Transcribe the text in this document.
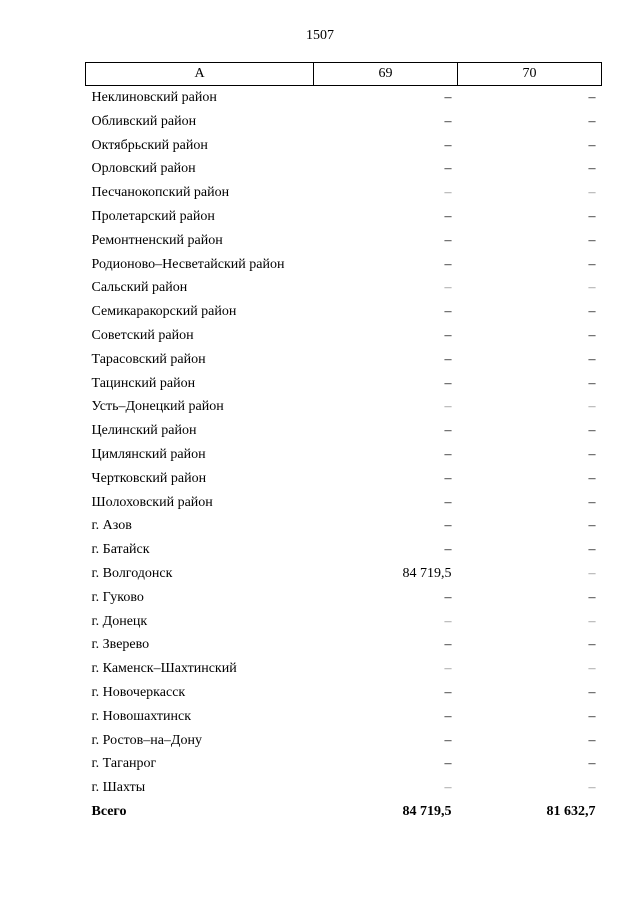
1507
А	69	70
Неклиновский район	–	–
Обливский район	–	–
Октябрьский район	–	–
Орловский район	–	–
Песчанокопский район	–	–
Пролетарский район	–	–
Ремонтненский район	–	–
Родионово–Несветайский район	–	–
Сальский район	–	–
Семикаракорский район	–	–
Советский район	–	–
Тарасовский район	–	–
Тацинский район	–	–
Усть–Донецкий район	–	–
Целинский район	–	–
Цимлянский район	–	–
Чертковский район	–	–
Шолоховский район	–	–
г. Азов	–	–
г. Батайск	–	–
г. Волгодонск	84 719,5	–
г. Гуково	–	–
г. Донецк	–	–
г. Зверево	–	–
г. Каменск–Шахтинский	–	–
г. Новочеркасск	–	–
г. Новошахтинск	–	–
г. Ростов–на–Дону	–	–
г. Таганрог	–	–
г. Шахты	–	–
Всего	84 719,5	81 632,7
